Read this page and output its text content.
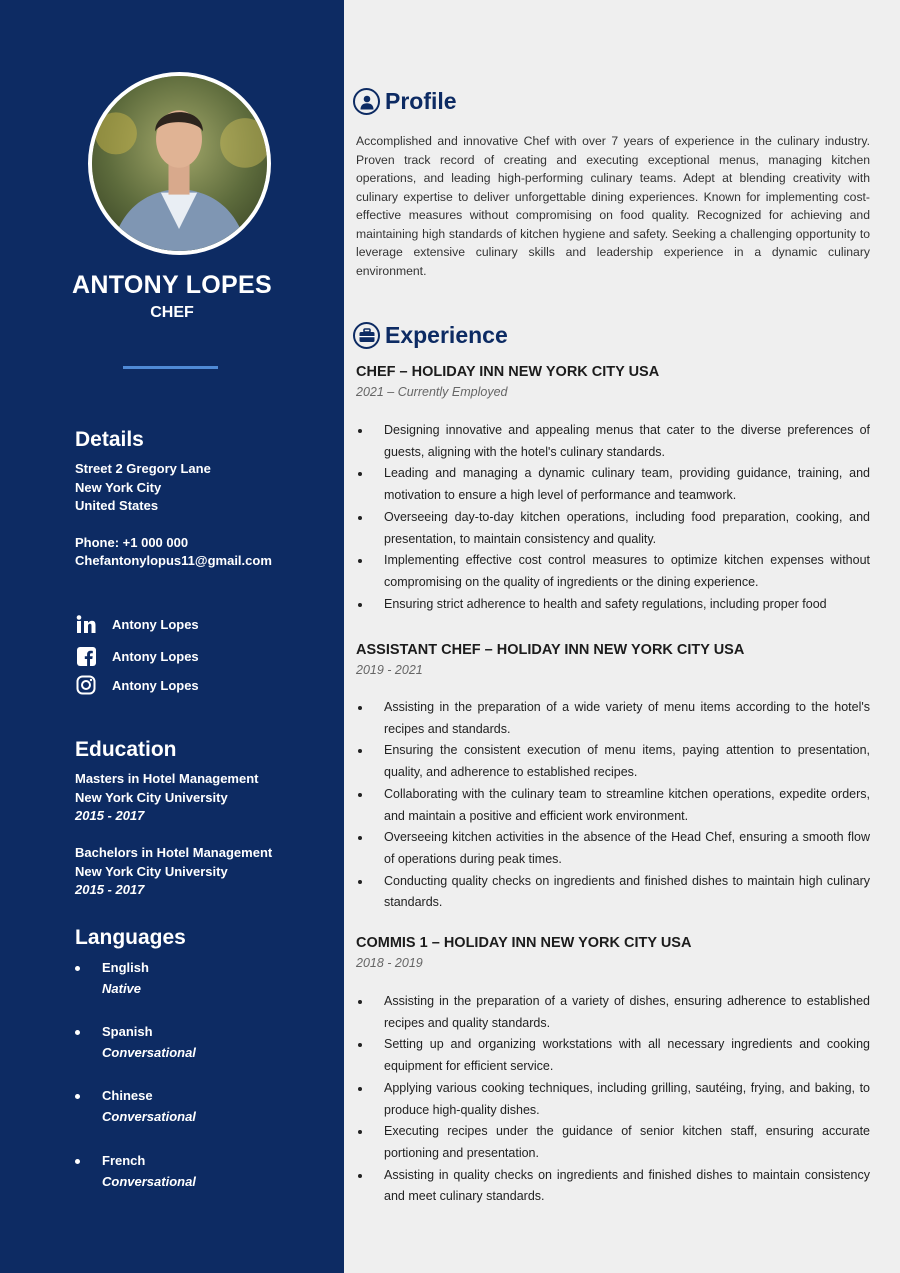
ANTONY LOPES
CHEF
Details
Street 2 Gregory Lane
New York City
United States
Phone: +1 000 000
Chefantonylopus11@gmail.com
Antony Lopes
Antony Lopes
Antony Lopes
Education
Masters in Hotel Management
New York City University
2015 - 2017
Bachelors in Hotel Management
New York City University
2015 - 2017
Languages
English
Native
Spanish
Conversational
Chinese
Conversational
French
Conversational
Profile

Accomplished and innovative Chef with over 7 years of experience in the culinary industry. Proven track record of creating and executing exceptional menus, managing kitchen operations, and leading high-performing culinary teams. Adept at blending creativity with culinary expertise to deliver unforgettable dining experiences. Known for implementing cost-effective measures without compromising on food quality. Recognized for achieving and maintaining high standards of kitchen hygiene and safety. Seeking a challenging opportunity to leverage extensive culinary skills and leadership experience in a dynamic culinary environment.

Experience
CHEF – HOLIDAY INN NEW YORK CITY USA
2021 – Currently Employed
Designing innovative and appealing menus that cater to the diverse preferences of guests, aligning with the hotel's culinary standards.
Leading and managing a dynamic culinary team, providing guidance, training, and motivation to ensure a high level of performance and teamwork.
Overseeing day-to-day kitchen operations, including food preparation, cooking, and presentation, to maintain consistency and quality.
Implementing effective cost control measures to optimize kitchen expenses without compromising on the quality of ingredients or the dining experience.
Ensuring strict adherence to health and safety regulations, including proper food
ASSISTANT CHEF – HOLIDAY INN NEW YORK CITY USA
2019 - 2021
Assisting in the preparation of a wide variety of menu items according to the hotel's recipes and standards.
Ensuring the consistent execution of menu items, paying attention to presentation, quality, and adherence to established recipes.
Collaborating with the culinary team to streamline kitchen operations, expedite orders, and maintain a positive and efficient work environment.
Overseeing kitchen activities in the absence of the Head Chef, ensuring a smooth flow of operations during peak times.
Conducting quality checks on ingredients and finished dishes to maintain high culinary standards.
COMMIS 1 – HOLIDAY INN NEW YORK CITY USA
2018 - 2019
Assisting in the preparation of a variety of dishes, ensuring adherence to established recipes and quality standards.
Setting up and organizing workstations with all necessary ingredients and cooking equipment for efficient service.
Applying various cooking techniques, including grilling, sautéing, frying, and baking, to produce high-quality dishes.
Executing recipes under the guidance of senior kitchen staff, ensuring accurate portioning and presentation.
Assisting in quality checks on ingredients and finished dishes to maintain consistency and meet culinary standards.
